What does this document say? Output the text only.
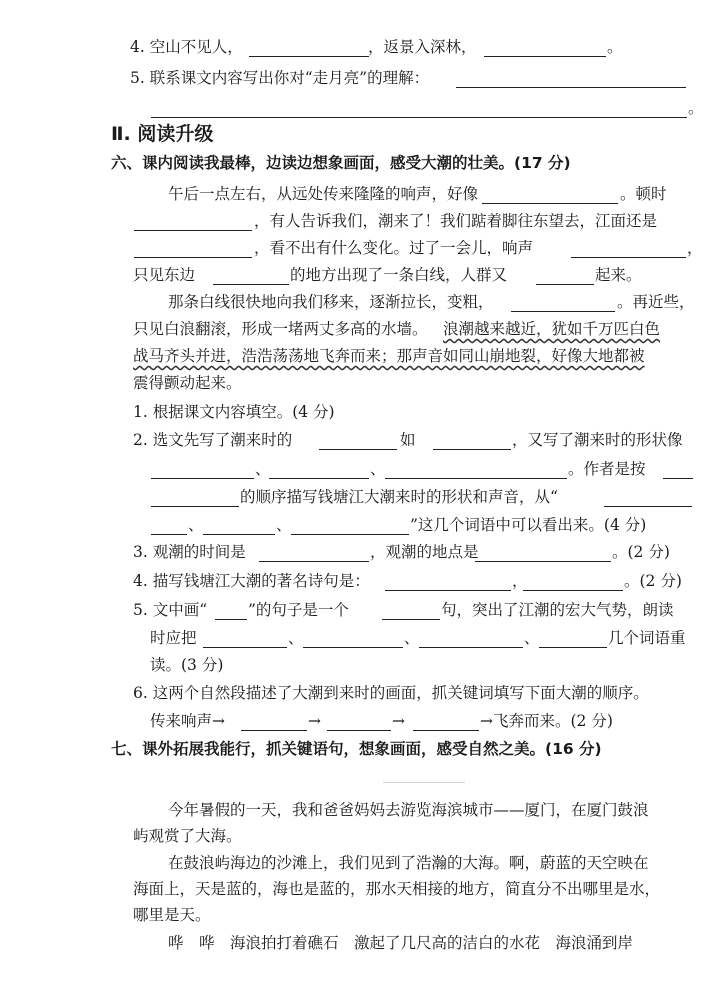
4. 空山不见人，	，返景入深林，	。
5. 联系课文内容写出你对“走月亮”的理解：
。
Ⅱ. 阅读升级
六、课内阅读我最棒，边读边想象画面，感受大潮的壮美。(17 分)
午后一点左右，从远处传来隆隆的响声，好像	。顿时
，有人告诉我们，潮来了！我们踮着脚往东望去，江面还是
，看不出有什么变化。过了一会儿，响声	，
只见东边	的地方出现了一条白线，人群又	起来。
那条白线很快地向我们移来，逐渐拉长，变粗，	。再近些，
只见白浪翻滚，形成一堵两丈多高的水墙。 浪潮越来越近，犹如千万匹白色
战马齐头并进，浩浩荡荡地飞奔而来；那声音如同山崩地裂，好像大地都被
震得颤动起来。
1. 根据课文内容填空。(4 分)
2. 选文先写了潮来时的	如	，又写了潮来时的形状像
、	、	。作者是按
的顺序描写钱塘江大潮来时的形状和声音，从“
、	、	”这几个词语中可以看出来。(4 分)
3. 观潮的时间是	，观潮的地点是	。(2 分)
4. 描写钱塘江大潮的著名诗句是：	，	。(2 分)
5. 文中画“	”的句子是一个	句，突出了江潮的宏大气势，朗读
时应把	、	、	、	几个词语重
读。(3 分)
6. 这两个自然段描述了大潮到来时的画面，抓关键词填写下面大潮的顺序。
传来响声→	→	→	→飞奔而来。(2 分)
七、课外拓展我能行，抓关键语句，想象画面，感受自然之美。(16 分)
今年暑假的一天，我和爸爸妈妈去游览海滨城市——厦门，在厦门鼓浪
屿观赏了大海。
在鼓浪屿海边的沙滩上，我们见到了浩瀚的大海。啊，蔚蓝的天空映在
海面上，天是蓝的，海也是蓝的，那水天相接的地方，简直分不出哪里是水，
哪里是天。
哗　哗　海浪拍打着礁石　激起了几尺高的洁白的水花　海浪涌到岸
